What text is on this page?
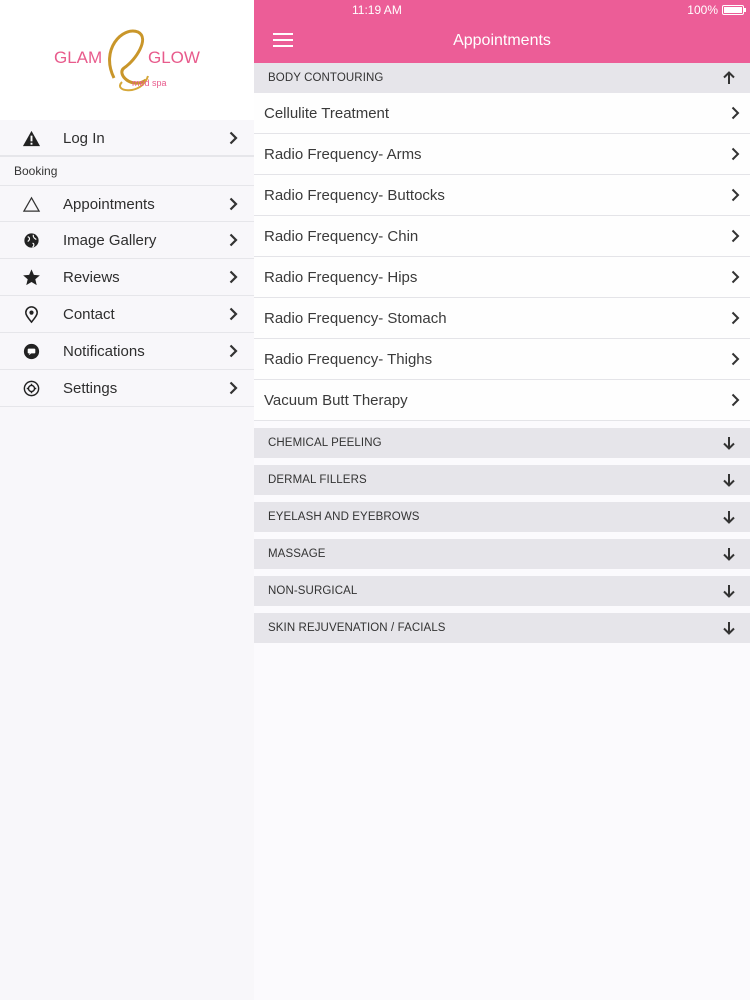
GLAM	GLOW
med spa
Log In
Booking
Appointments
Image Gallery
Reviews
Contact
Notifications
Settings
11:19 AM	100%
Appointments
BODY CONTOURING
Cellulite Treatment
Radio Frequency- Arms
Radio Frequency- Buttocks
Radio Frequency- Chin
Radio Frequency- Hips
Radio Frequency- Stomach
Radio Frequency- Thighs
Vacuum Butt Therapy
CHEMICAL PEELING
DERMAL FILLERS
EYELASH AND EYEBROWS
MASSAGE
NON-SURGICAL
SKIN REJUVENATION / FACIALS
